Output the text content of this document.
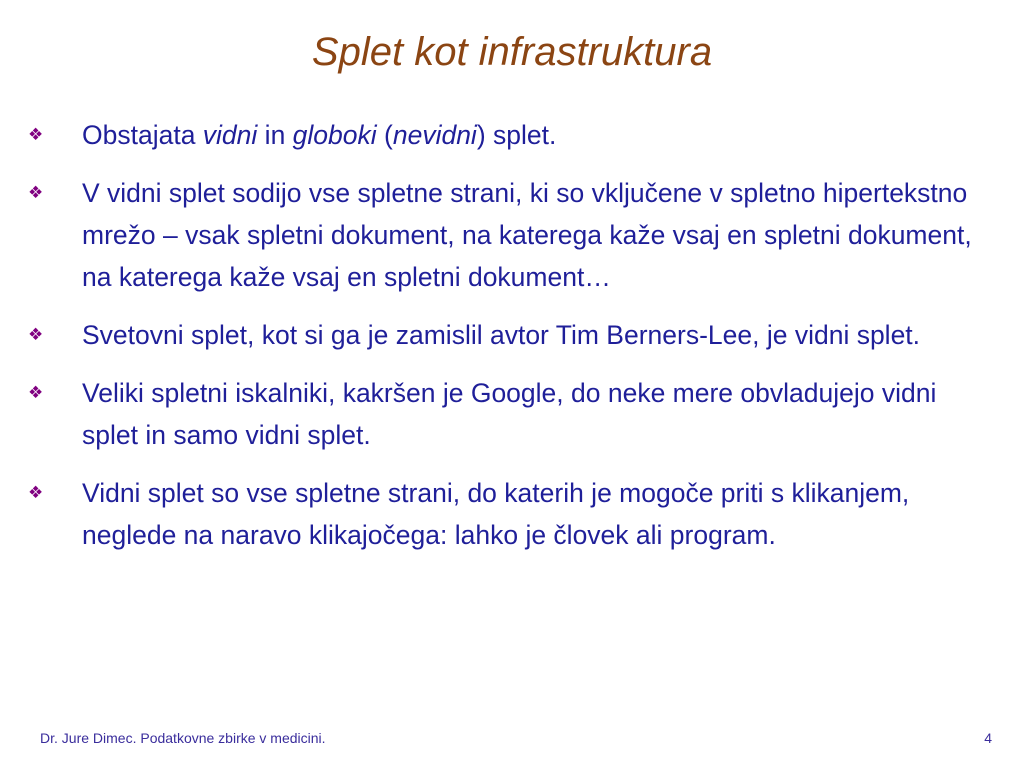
Splet kot infrastruktura
❖	Obstajata vidni in globoki (nevidni) splet.
❖	V vidni splet sodijo vse spletne strani, ki so vključene v spletno hipertekstno mrežo – vsak spletni dokument, na katerega kaže vsaj en spletni dokument, na katerega kaže vsaj en spletni dokument…
❖	Svetovni splet, kot si ga je zamislil avtor Tim Berners-Lee, je vidni splet.
❖	Veliki spletni iskalniki, kakršen je Google, do neke mere obvladujejo vidni splet in samo vidni splet.
❖	Vidni splet so vse spletne strani, do katerih je mogoče priti s klikanjem, neglede na naravo klikajočega: lahko je človek ali program.
Dr. Jure Dimec. Podatkovne zbirke v medicini.	4
